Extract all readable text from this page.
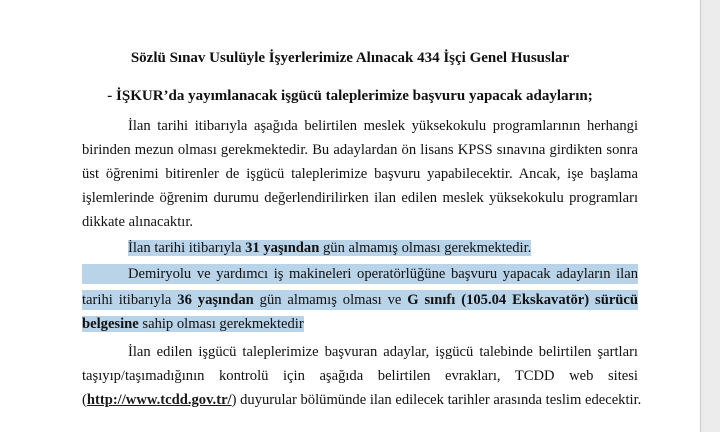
Sözlü Sınav Usulüyle İşyerlerimize Alınacak 434 İşçi Genel Hususlar
- İŞKUR’da yayımlanacak işgücü taleplerimize başvuru yapacak adayların;
İlan tarihi itibarıyla aşağıda belirtilen meslek yüksekokulu programlarının herhangi
birinden mezun olması gerekmektedir. Bu adaylardan ön lisans KPSS sınavına girdikten sonra
üst öğrenimi bitirenler de işgücü taleplerimize başvuru yapabilecektir. Ancak, işe başlama
işlemlerinde öğrenim durumu değerlendirilirken ilan edilen meslek yüksekokulu programları
dikkate alınacaktır.
İlan tarihi itibarıyla 31 yaşından gün almamış olması gerekmektedir.
Demiryolu ve yardımcı iş makineleri operatörlüğüne başvuru yapacak adayların ilan
tarihi itibarıyla 36 yaşından gün almamış olması ve G sınıfı (105.04 Ekskavatör) sürücü
belgesine sahip olması gerekmektedir
İlan edilen işgücü taleplerimize başvuran adaylar, işgücü talebinde belirtilen şartları
taşıyıp/taşımadığının kontrolü için aşağıda belirtilen evrakları, TCDD web sitesi
(http://www.tcdd.gov.tr/) duyurular bölümünde ilan edilecek tarihler arasında teslim edecektir.
